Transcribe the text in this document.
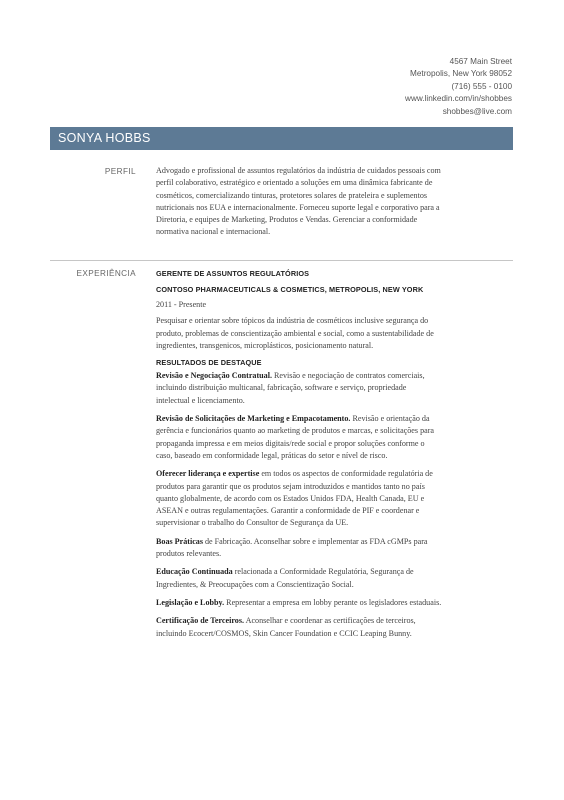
4567 Main Street
Metropolis, New York 98052
(716) 555 - 0100
www.linkedin.com/in/shobbes
shobbes@live.com
SONYA HOBBS
PERFIL Advogado e profissional de assuntos regulatórios da indústria de cuidados pessoais com perfil colaborativo, estratégico e orientado a soluções em uma dinâmica fabricante de cosméticos, comercializando tinturas, protetores solares de prateleira e suplementos nutricionais nos EUA e internacionalmente. Forneceu suporte legal e corporativo para a Diretoria, e equipes de Marketing, Produtos e Vendas. Gerenciar a conformidade normativa nacional e internacional.
EXPERIÊNCIA	GERENTE DE ASSUNTOS REGULATÓRIOS
CONTOSO PHARMACEUTICALS & COSMETICS, METROPOLIS, NEW YORK
2011 - Presente
Pesquisar e orientar sobre tópicos da indústria de cosméticos inclusive segurança do produto, problemas de conscientização ambiental e social, como a sustentabilidade de ingredientes, transgenicos, microplásticos, posicionamento natural.
RESULTADOS DE DESTAQUE
Revisão e Negociação Contratual. Revisão e negociação de contratos comerciais, incluindo distribuição multicanal, fabricação, software e serviço, propriedade intelectual e licenciamento.
Revisão de Solicitações de Marketing e Empacotamento. Revisão e orientação da gerência e funcionários quanto ao marketing de produtos e marcas, e solicitações para propaganda impressa e em meios digitais/rede social e propor soluções conforme o caso, baseado em conformidade legal, práticas do setor e nível de risco.
Oferecer liderança e expertise em todos os aspectos de conformidade regulatória de produtos para garantir que os produtos sejam introduzidos e mantidos tanto no país quanto globalmente, de acordo com os Estados Unidos FDA, Health Canada, EU e ASEAN e outras regulamentações. Garantir a conformidade de PIF e coordenar e supervisionar o trabalho do Consultor de Segurança da UE.
Boas Práticas de Fabricação. Aconselhar sobre e implementar as FDA cGMPs para produtos relevantes.
Educação Continuada relacionada a Conformidade Regulatória, Segurança de Ingredientes, & Preocupações com a Conscientização Social.
Legislação e Lobby. Representar a empresa em lobby perante os legisladores estaduais.
Certificação de Terceiros. Aconselhar e coordenar as certificações de terceiros, incluindo Ecocert/COSMOS, Skin Cancer Foundation e CCIC Leaping Bunny.
